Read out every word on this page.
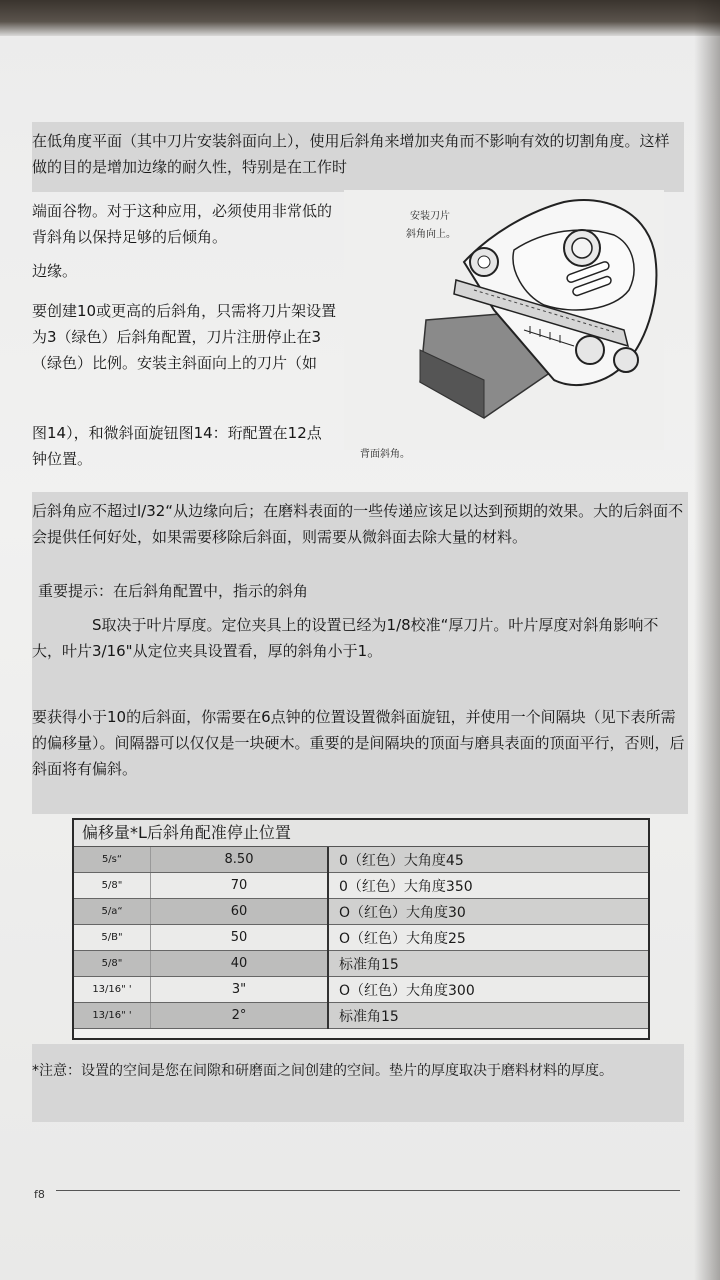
在低角度平面（其中刀片安装斜面向上），使用后斜角来增加夹角而不影响有效的切割角度。这样做的目的是增加边缘的耐久性，特别是在工作时

端面谷物。对于这种应用，必须使用非常低的背斜角以保持足够的后倾角。

边缘。

要创建10或更高的后斜角，只需将刀片架设置为3（绿色）后斜角配置，刀片注册停止在3（绿色）比例。安装主斜面向上的刀片（如

图14），和微斜面旋钮图14：珩配置在12点钟位置。

安装刀片
斜角向上。
背面斜角。

后斜角应不超过l/32“从边缘向后；在磨料表面的一些传递应该足以达到预期的效果。大的后斜面不会提供任何好处，如果需要移除后斜面，则需要从微斜面去除大量的材料。

重要提示：在后斜角配置中，指示的斜角

S取决于叶片厚度。定位夹具上的设置已经为1/8校准“厚刀片。叶片厚度对斜角影响不大，叶片3/16"从定位夹具设置看，厚的斜角小于1。

要获得小于10的后斜面，你需要在6点钟的位置设置微斜面旋钮，并使用一个间隔块（见下表所需的偏移量）。间隔器可以仅仅是一块硬木。重要的是间隔块的顶面与磨具表面的顶面平行，否则，后斜面将有偏斜。

偏移量*L后斜角配准停止位置
5/s“	8.50	0（红色）大角度45
5/8"	70	0（红色）大角度350
5/a“	60	O（红色）大角度30
5/B"	50	O（红色）大角度25
5/8"	40	标准角15
13/16" '	3"	O（红色）大角度300
13/16" '	2°	标准角15

*注意：设置的空间是您在间隙和研磨面之间创建的空间。垫片的厚度取决于磨料材料的厚度。

f8
